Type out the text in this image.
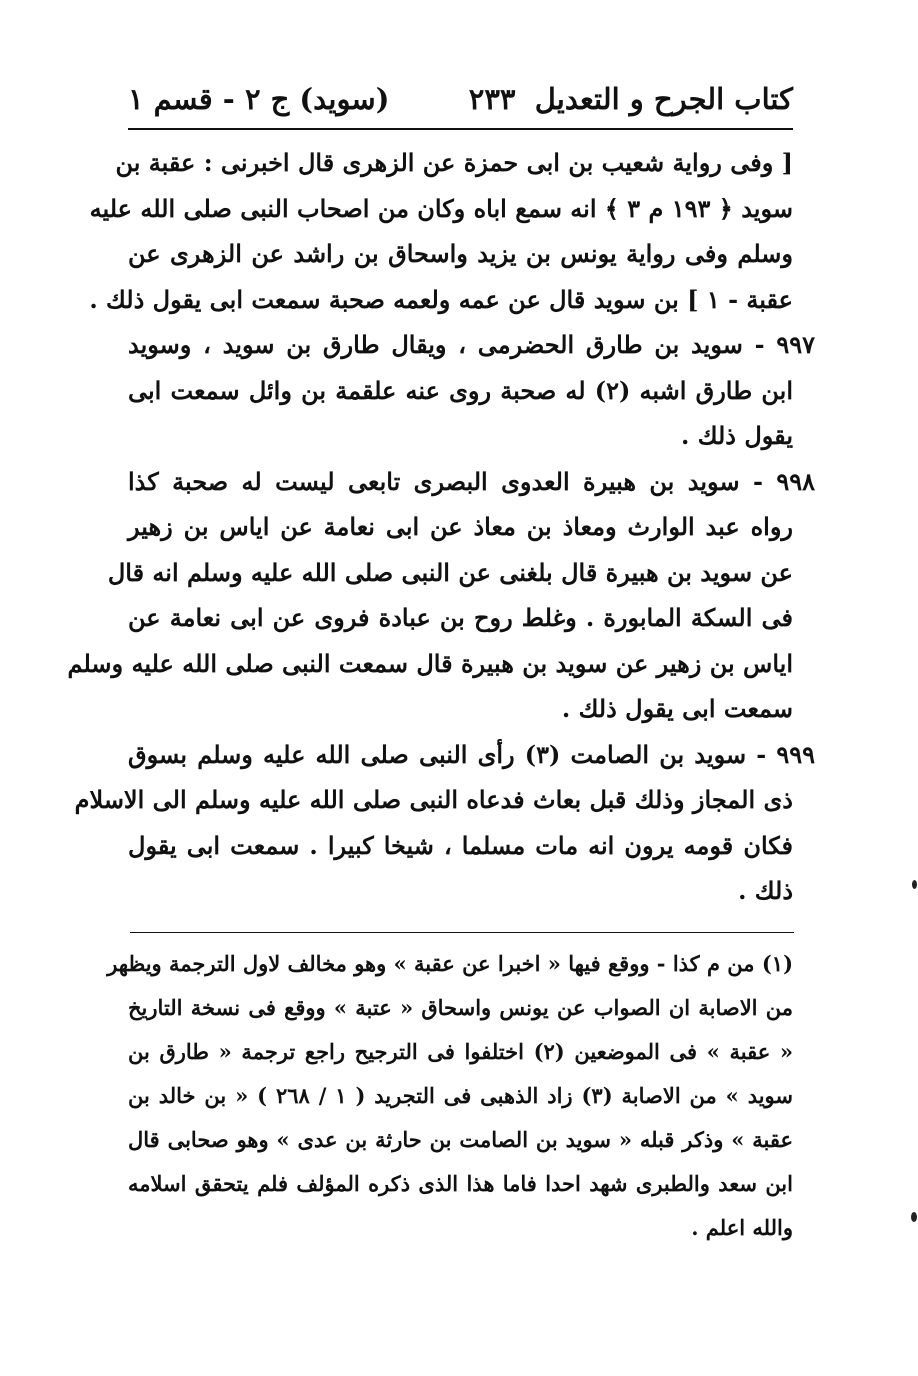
كتاب الجرح و التعديل
٢٣٣
(سويد) ج ٢ - قسم ١
[ وفى رواية شعيب بن ابى حمزة عن الزهرى قال اخبرنى : عقبة بن
سويد ﴿ ١٩٣ م ٣ ﴾ انه سمع اباه وكان من اصحاب النبى صلى الله عليه
وسلم وفى رواية يونس بن يزيد واسحاق بن راشد عن الزهرى عن
عقبة - ١ ] بن سويد قال عن عمه ولعمه صحبة سمعت ابى يقول ذلك .
٩٩٧ - سويد بن طارق الحضرمى ، ويقال طارق بن سويد ، وسويد
ابن طارق اشبه (٢) له صحبة روى عنه علقمة بن وائل سمعت ابى
يقول ذلك .
٩٩٨ - سويد بن هبيرة العدوى البصرى تابعى ليست له صحبة كذا
رواه عبد الوارث ومعاذ بن معاذ عن ابى نعامة عن اياس بن زهير
عن سويد بن هبيرة قال بلغنى عن النبى صلى الله عليه وسلم انه قال
فى السكة المابورة . وغلط روح بن عبادة فروى عن ابى نعامة عن
اياس بن زهير عن سويد بن هبيرة قال سمعت النبى صلى الله عليه وسلم
سمعت ابى يقول ذلك .
٩٩٩ - سويد بن الصامت (٣) رأى النبى صلى الله عليه وسلم بسوق
ذى المجاز وذلك قبل بعاث فدعاه النبى صلى الله عليه وسلم الى الاسلام
فكان قومه يرون انه مات مسلما ، شيخا كبيرا . سمعت ابى يقول
ذلك .
(١) من م كذا - ووقع فيها « اخبرا عن عقبة » وهو مخالف لاول الترجمة ويظهر
من الاصابة ان الصواب عن يونس واسحاق « عتبة » ووقع فى نسخة التاريخ
« عقبة » فى الموضعين (٢) اختلفوا فى الترجيح راجع ترجمة « طارق بن
سويد » من الاصابة (٣) زاد الذهبى فى التجريد ( ١ / ٢٦٨ ) « بن خالد بن
عقبة » وذكر قبله « سويد بن الصامت بن حارثة بن عدى » وهو صحابى قال
ابن سعد والطبرى شهد احدا فاما هذا الذى ذكره المؤلف فلم يتحقق اسلامه
والله اعلم .
